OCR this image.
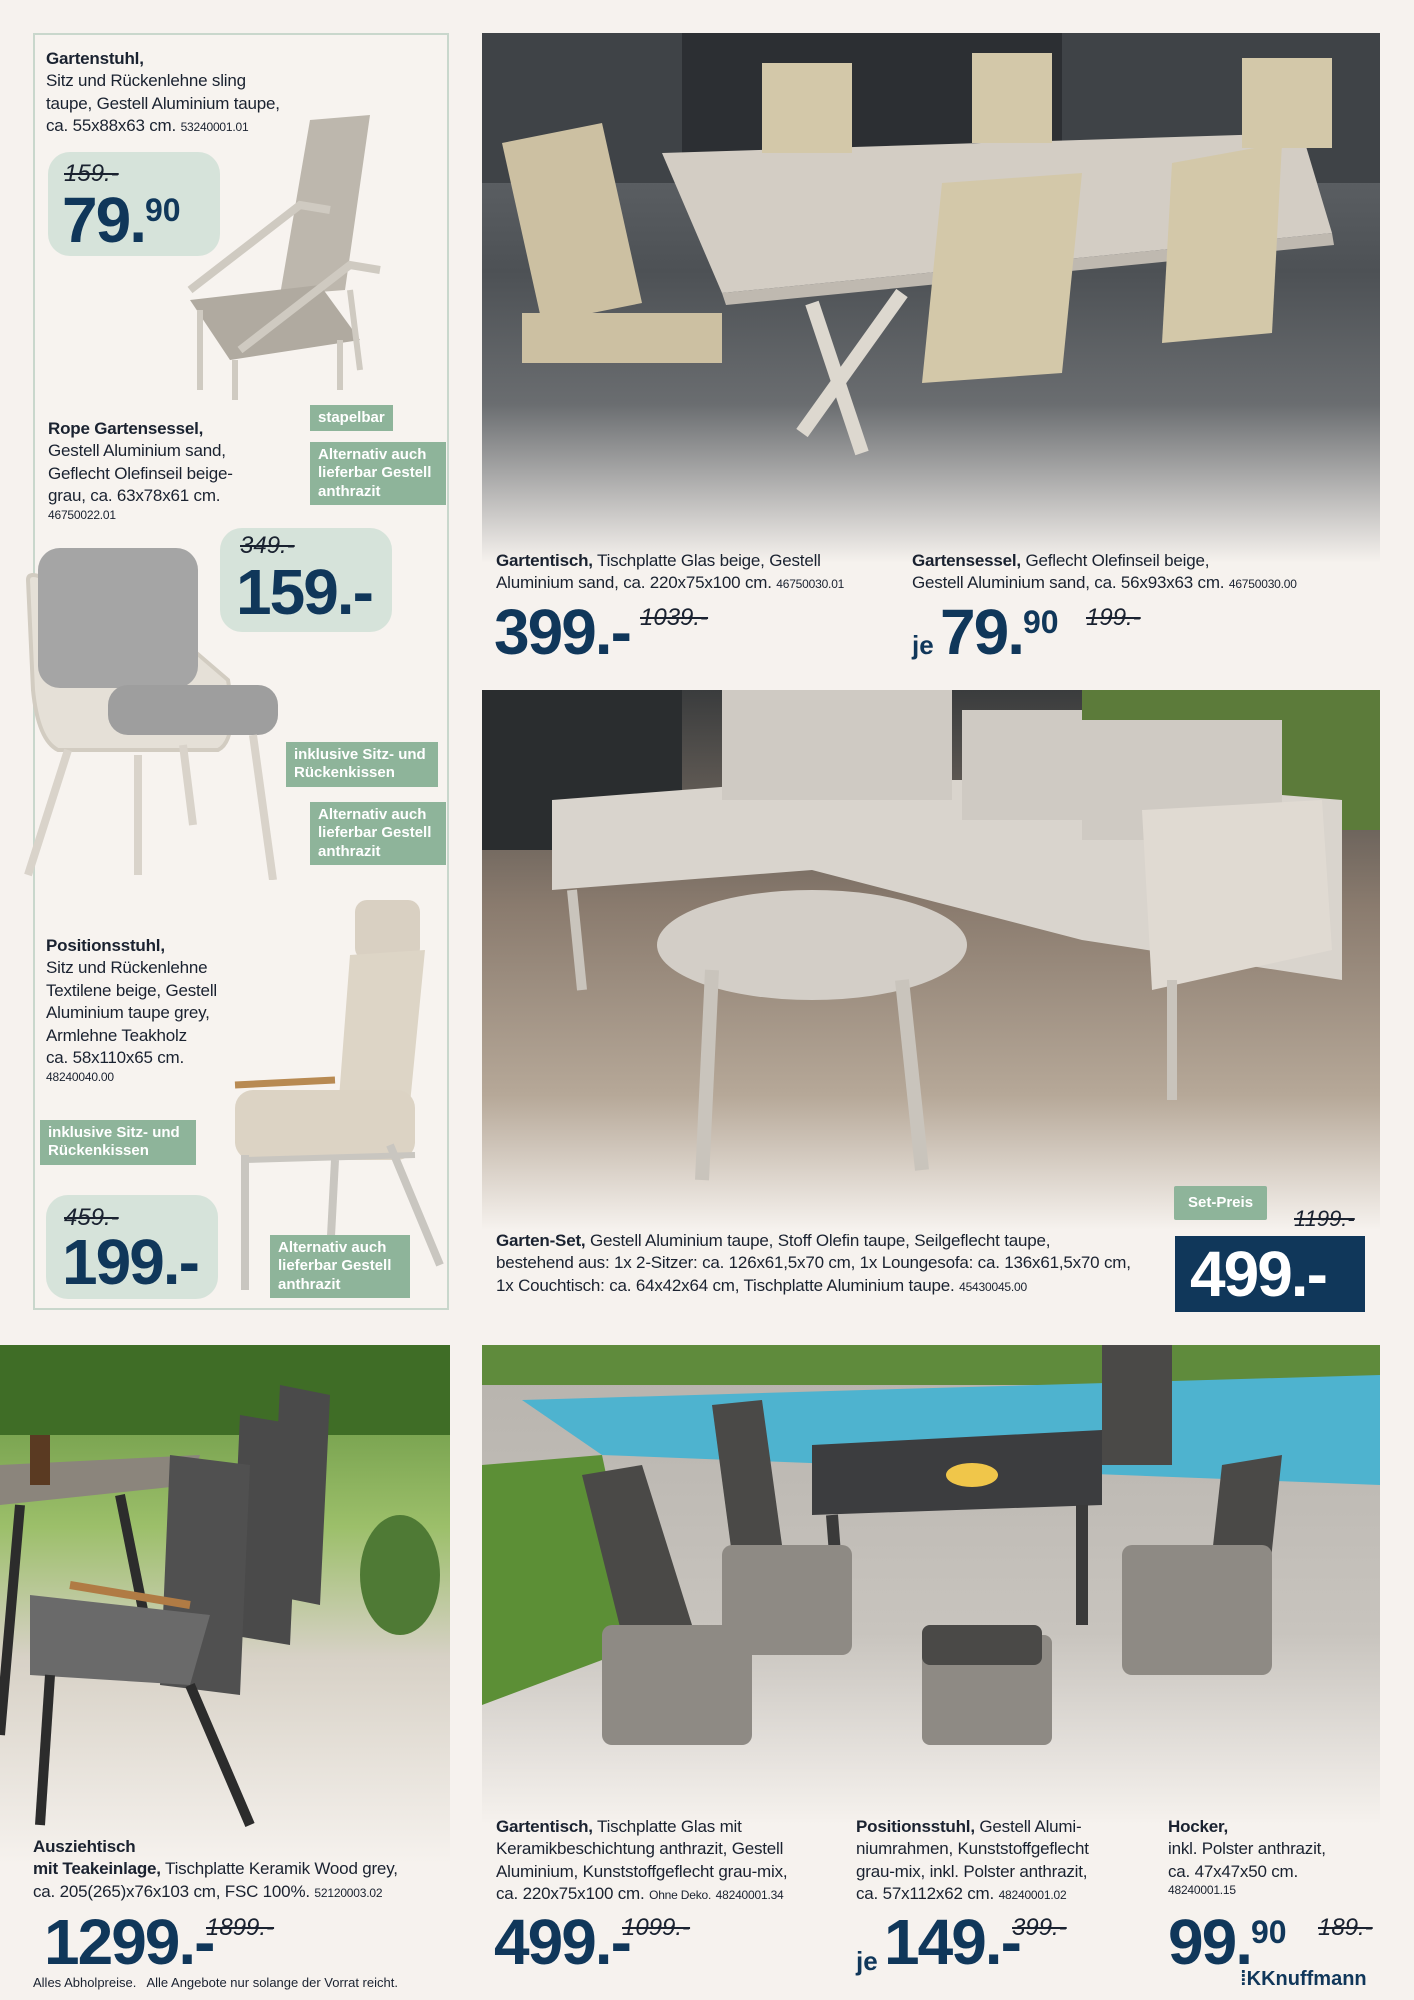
Gartenstuhl,
Sitz und Rückenlehne sling
taupe, Gestell Aluminium taupe,
ca. 55x88x63 cm. 53240001.01
159.-
79.90
stapelbar
Alternativ auch
lieferbar Gestell
anthrazit
Rope Gartensessel,
Gestell Aluminium sand,
Geflecht Olefinseil beige-
grau, ca. 63x78x61 cm.
46750022.01
349.-
159.-
inklusive Sitz- und
Rückenkissen
Alternativ auch
lieferbar Gestell
anthrazit
Positionsstuhl,
Sitz und Rückenlehne
Textilene beige, Gestell
Aluminium taupe grey,
Armlehne Teakholz
ca. 58x110x65 cm.
48240040.00
inklusive Sitz- und
Rückenkissen
459.-
199.-	Alternativ auch
lieferbar Gestell
anthrazit
Gartentisch, Tischplatte Glas beige, Gestell
Aluminium sand, ca. 220x75x100 cm. 46750030.01
399.- 1039.-
Gartensessel, Geflecht Olefinseil beige,
Gestell Aluminium sand, ca. 56x93x63 cm. 46750030.00
je 79.90 199.-
Set-Preis
Garten-Set, Gestell Aluminium taupe, Stoff Olefin taupe, Seilgeflecht taupe,
bestehend aus: 1x 2-Sitzer: ca. 126x61,5x70 cm, 1x Loungesofa: ca. 136x61,5x70 cm,
1x Couchtisch: ca. 64x42x64 cm, Tischplatte Aluminium taupe. 45430045.00
1199.-
499.-
Ausziehtisch
mit Teakeinlage, Tischplatte Keramik Wood grey,
ca. 205(265)x76x103 cm, FSC 100%. 52120003.02
1299.-
1899.-
Gartentisch, Tischplatte Glas mit
Keramikbeschichtung anthrazit, Gestell
Aluminium, Kunststoffgeflecht grau-mix,
ca. 220x75x100 cm. Ohne Deko. 48240001.34
499.-
1099.-
Positionsstuhl, Gestell Alumi-
niumrahmen, Kunststoffgeflecht
grau-mix, inkl. Polster anthrazit,
ca. 57x112x62 cm. 48240001.02
je 149.-
399.-
Hocker,
inkl. Polster anthrazit,
ca. 47x47x50 cm.
48240001.15
99.90 189.-
Alles Abholpreise.   Alle Angebote nur solange der Vorrat reicht.	⁞KKnuffmann
